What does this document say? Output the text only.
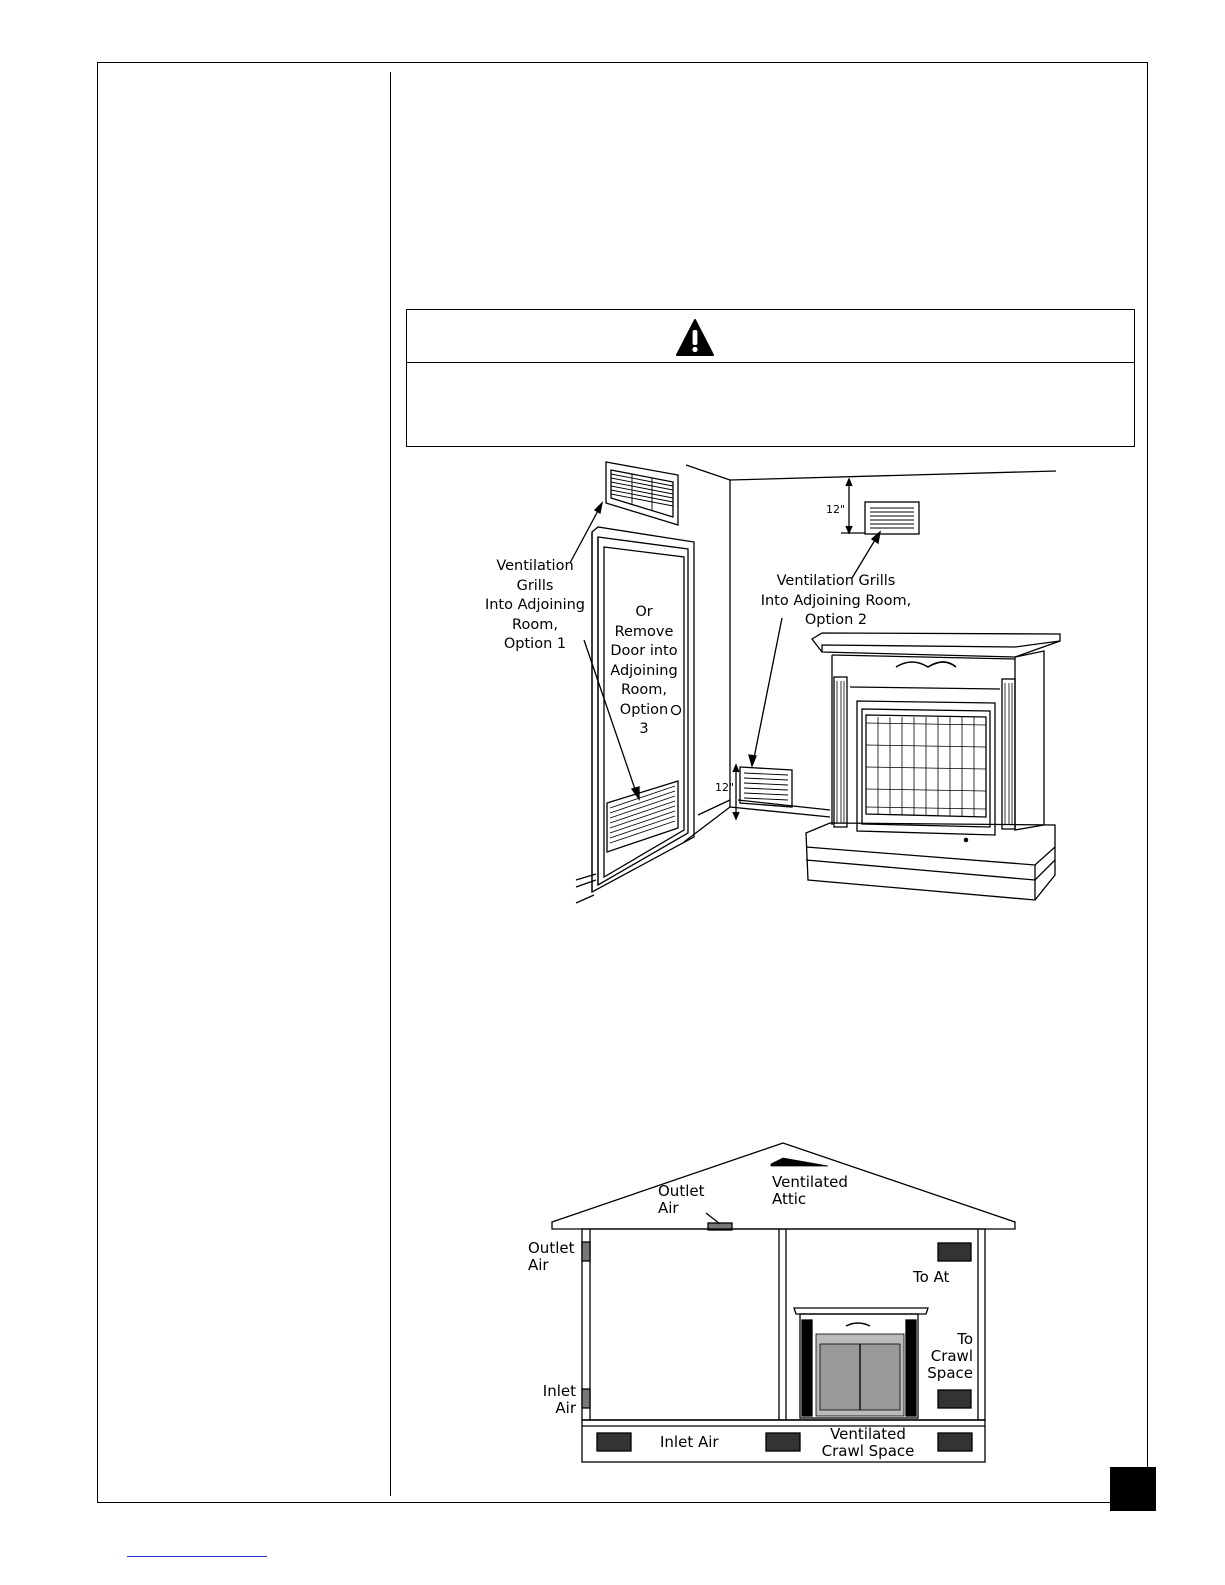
Ventilation
Grills
Into Adjoining
Room,
Option 1
Or
Remove
Door into
Adjoining
Room,
Option
3
Ventilation Grills
Into Adjoining Room,
Option 2
12"
12"
Outlet
Air
Ventilated
Attic
Outlet
Air
To At
To
Crawl
Space
Inlet
Air
Inlet Air	Ventilated
Crawl Space
